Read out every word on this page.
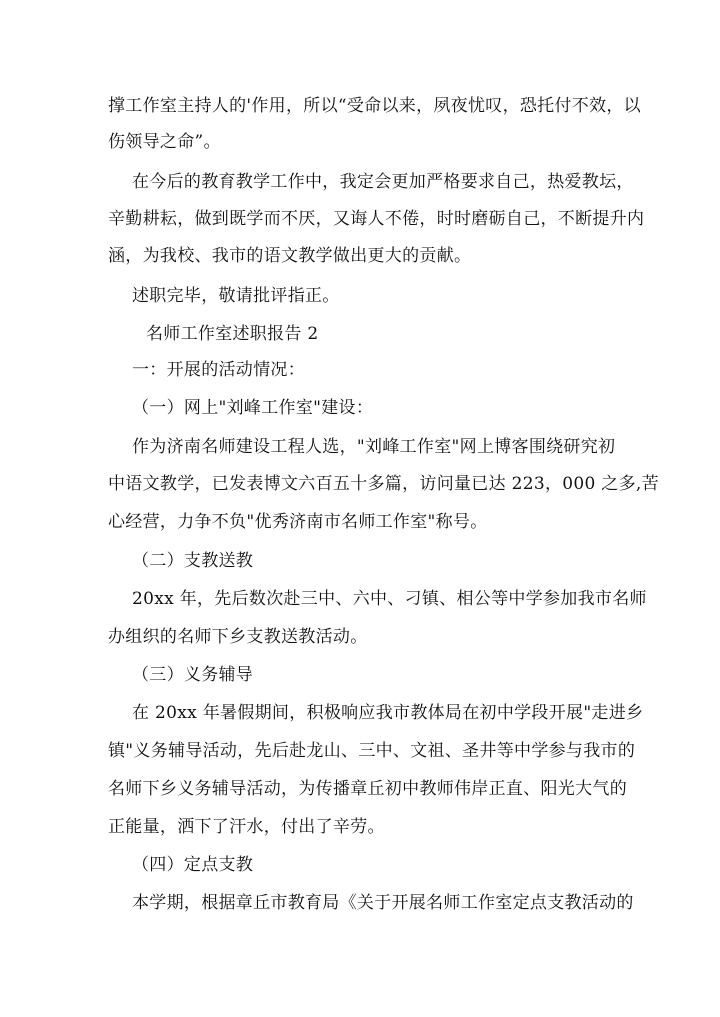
撑工作室主持人的'作用，所以“受命以来，夙夜忧叹，恐托付不效，以
伤领导之命”。
在今后的教育教学工作中，我定会更加严格要求自己，热爱教坛，
辛勤耕耘，做到既学而不厌，又诲人不倦，时时磨砺自己，不断提升内
涵，为我校、我市的语文教学做出更大的贡献。
述职完毕，敬请批评指正。
名师工作室述职报告 2
一：开展的活动情况：
（一）网上"刘峰工作室"建设：
作为济南名师建设工程人选，"刘峰工作室"网上博客围绕研究初
中语文教学，已发表博文六百五十多篇，访问量已达 223，000 之多,苦
心经营，力争不负"优秀济南市名师工作室"称号。
（二）支教送教
20xx 年，先后数次赴三中、六中、刁镇、相公等中学参加我市名师
办组织的名师下乡支教送教活动。
（三）义务辅导
在 20xx 年暑假期间，积极响应我市教体局在初中学段开展"走进乡
镇"义务辅导活动，先后赴龙山、三中、文祖、圣井等中学参与我市的
名师下乡义务辅导活动，为传播章丘初中教师伟岸正直、阳光大气的
正能量，洒下了汗水，付出了辛劳。
（四）定点支教
本学期，根据章丘市教育局《关于开展名师工作室定点支教活动的
